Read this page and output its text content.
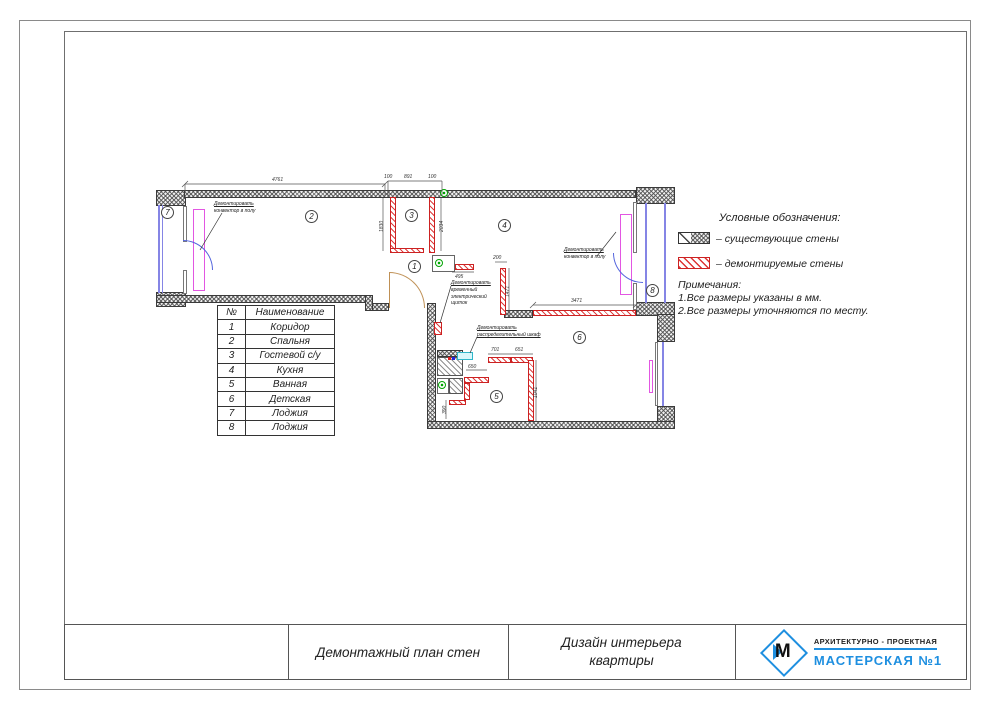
4761	100 891	100
1830	2034
495
200
1471
3471
701	651
650
1041
390
Демонтировать
конвектор в полу
Демонтировать
временный
электрический
щиток
Демонтировать
распределительный шкаф
Демонтировать
конвектор в полу
1
2	3
4
5
6
7
8
№	Наименование
1	Коридор
2	Спальня
3	Гостевой с/у
4	Кухня
5	Ванная
6	Детская
7	Лоджия
8	Лоджия
Условные обозначения:
– существующие стены
– демонтируемые стены
Примечания:
1.Все размеры указаны в мм.
2.Все размеры уточняются по месту.
Демонтажный план стен
Дизайн интерьера
квартиры	М	АРХИТЕКТУРНО - ПРОЕКТНАЯ
МАСТЕРСКАЯ №1
